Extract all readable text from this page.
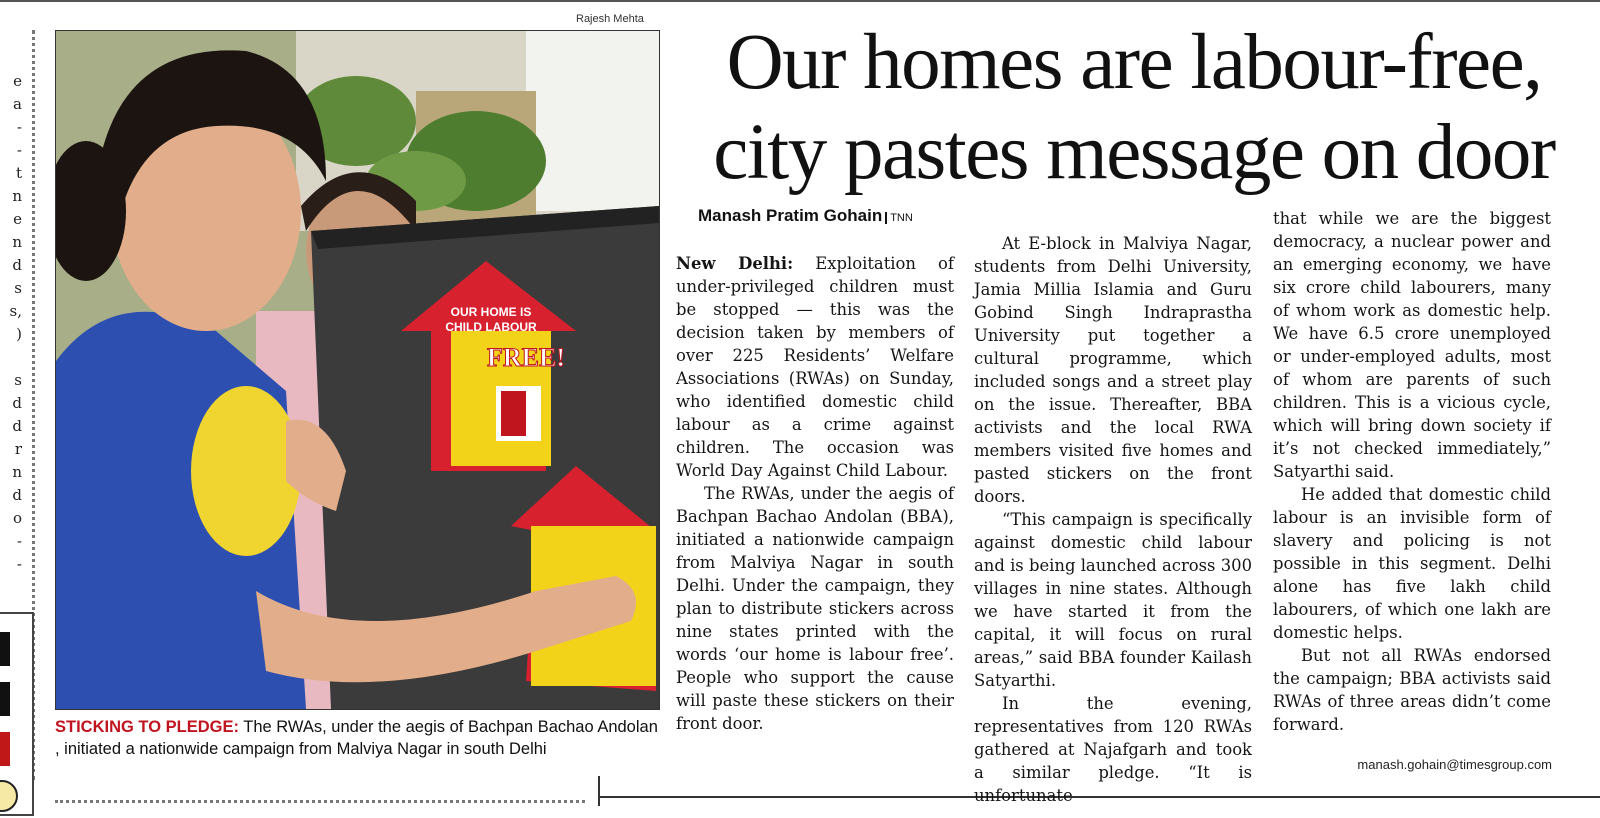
e
a
-
-
t
n
e
n
d
s
s,
)
s
d
d
r
n
d
o
-
-
Rajesh Mehta
OUR HOME IS
CHILD LABOUR
FREE!
STICKING TO PLEDGE: The RWAs, under the aegis of Bachpan Bachao Andolan , initiated a nationwide campaign from Malviya Nagar in south Delhi
Our homes are labour-free,
city pastes message on door
Manash Pratim Gohain TNN

New Delhi: Exploitation of under-privileged children must be stopped — this was the decision taken by members of over 225 Residents’ Welfare Associations (RWAs) on Sunday, who identified domestic child labour as a crime against children. The occasion was World Day Against Child Labour.

The RWAs, under the aegis of Bachpan Bachao Andolan (BBA), initiated a nationwide campaign from Malviya Nagar in south Delhi. Under the campaign, they plan to distribute stickers across nine states printed with the words ‘our home is labour free’. People who support the cause will paste these stickers on their front door.

At E-block in Malviya Nagar, students from Delhi University, Jamia Millia Islamia and Guru Gobind Singh Indraprastha University put together a cultural programme, which included songs and a street play on the issue. Thereafter, BBA activists and the local RWA members visited five homes and pasted stickers on the front doors.

“This campaign is specifically against domestic child labour and is being launched across 300 villages in nine states. Although we have started it from the capital, it will focus on rural areas,” said BBA founder Kailash Satyarthi.

In the evening, representatives from 120 RWAs gathered at Najafgarh and took a similar pledge. “It is unfortunate

that while we are the biggest democracy, a nuclear power and an emerging economy, we have six crore child labourers, many of whom work as domestic help. We have 6.5 crore unemployed or under-employed adults, most of whom are parents of such children. This is a vicious cycle, which will bring down society if it’s not checked immediately,” Satyarthi said.

He added that domestic child labour is an invisible form of slavery and policing is not possible in this segment. Delhi alone has five lakh child labourers, of which one lakh are domestic helps.

But not all RWAs endorsed the campaign; BBA activists said RWAs of three areas didn’t come forward.

manash.gohain@timesgroup.com
